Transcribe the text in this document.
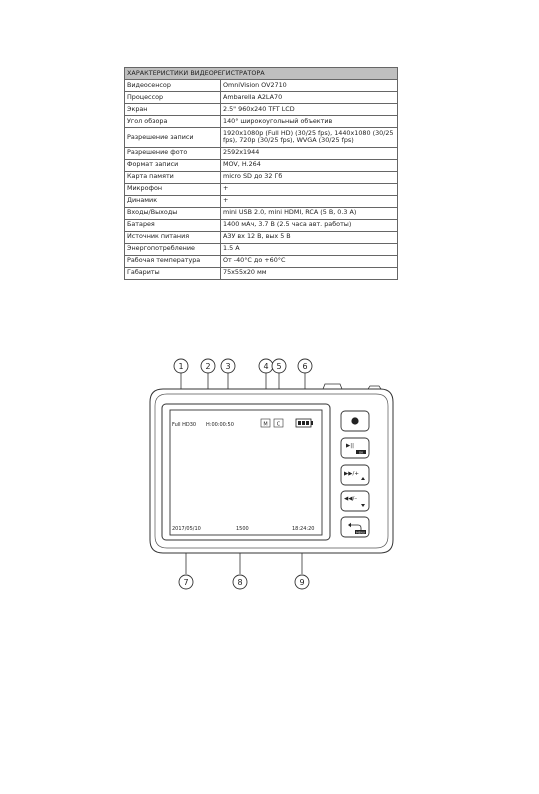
ХАРАКТЕРИСТИКИ ВИДЕОРЕГИСТРАТОРА	
Видеосенсор	OmniVision OV2710
Процессор	Ambarella A2LA70
Экран	2.5" 960x240 TFT LCD
Угол обзора	140° широкоугольный объектив
Разрешение записи	1920x1080p (Full HD) (30/25 fps), 1440x1080 (30/25 fps), 720p (30/25 fps), WVGA (30/25 fps)
Разрешение фото	2592x1944
Формат записи	MOV, H.264
Карта памяти	micro SD до 32 Гб
Микрофон	+
Динамик	+
Входы/Выходы	mini USB 2.0, mini HDMI, RCA (5 B, 0.3 A)
Батарея	1400 мАч, 3.7 В (2.5 часа авт. работы)
Источник питания	АЗУ вх 12 В, вых 5 В
Энергопотребление	1.5 А
Рабочая температура	От -40°С до +60°С
Габариты	75x55x20 мм
Full HD30 H:00:00:50	M C
2017/05/10	1500	18:24:20
▶||
OK
▶▶/+
◀◀/–
MENU
1	2 3	4 5	6
7	8	9
